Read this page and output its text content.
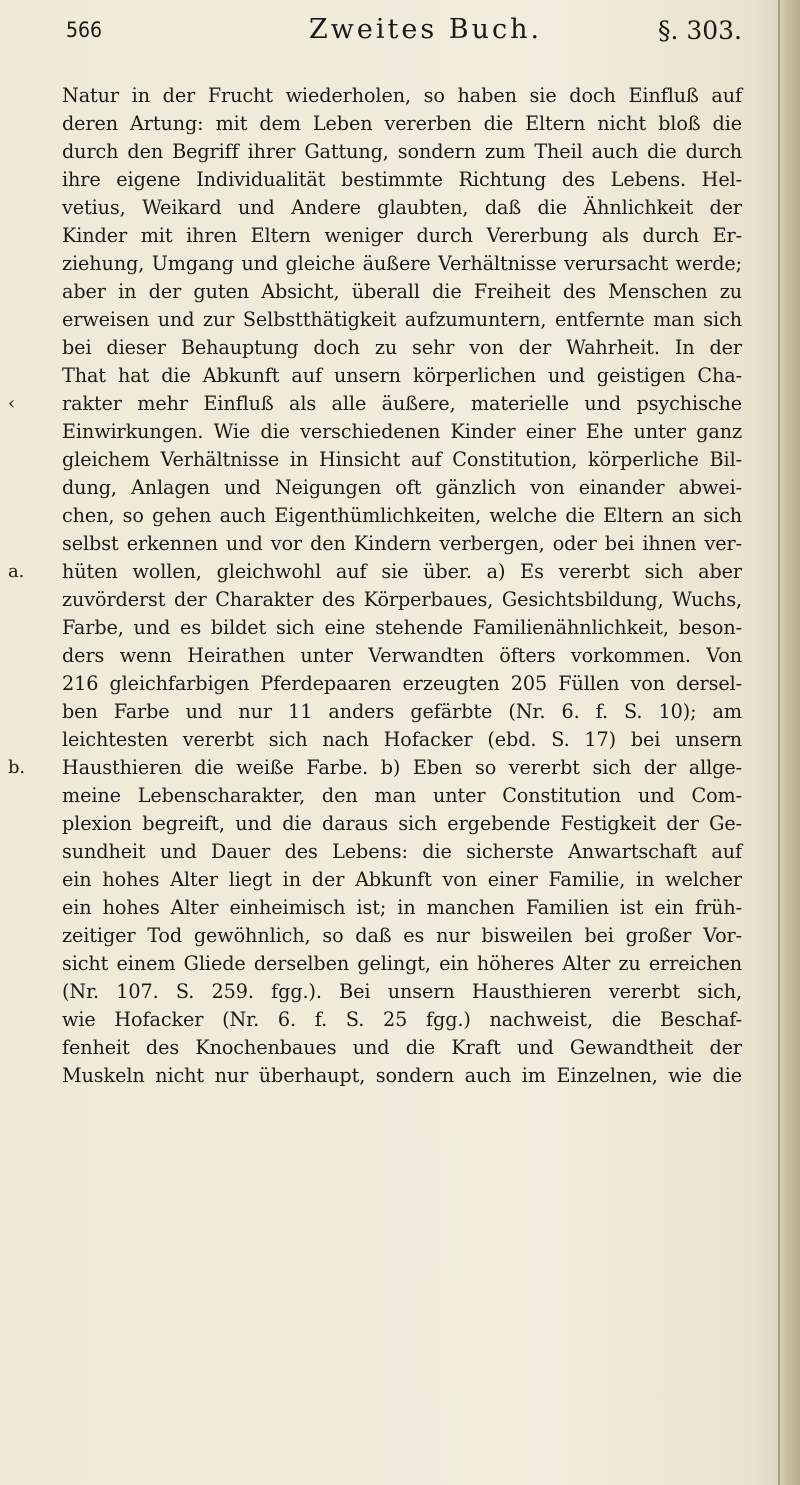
566	Zweites Buch.	§. 303.
Natur in der Frucht wiederholen, so haben sie doch Einfluß auf
deren Artung: mit dem Leben vererben die Eltern nicht bloß die
durch den Begriff ihrer Gattung, sondern zum Theil auch die durch
ihre eigene Individualität bestimmte Richtung des Lebens. Hel-
vetius, Weikard und Andere glaubten, daß die Ähnlichkeit der
Kinder mit ihren Eltern weniger durch Vererbung als durch Er-
ziehung, Umgang und gleiche äußere Verhältnisse verursacht werde;
aber in der guten Absicht, überall die Freiheit des Menschen zu
erweisen und zur Selbstthätigkeit aufzumuntern, entfernte man sich
bei dieser Behauptung doch zu sehr von der Wahrheit. In der
That hat die Abkunft auf unsern körperlichen und geistigen Cha-
‹	rakter mehr Einfluß als alle äußere, materielle und psychische
Einwirkungen. Wie die verschiedenen Kinder einer Ehe unter ganz
gleichem Verhältnisse in Hinsicht auf Constitution, körperliche Bil-
dung, Anlagen und Neigungen oft gänzlich von einander abwei-
chen, so gehen auch Eigenthümlichkeiten, welche die Eltern an sich
selbst erkennen und vor den Kindern verbergen, oder bei ihnen ver-
a. hüten wollen, gleichwohl auf sie über. a) Es vererbt sich aber
zuvörderst der Charakter des Körperbaues, Gesichtsbildung, Wuchs,
Farbe, und es bildet sich eine stehende Familienähnlichkeit, beson-
ders wenn Heirathen unter Verwandten öfters vorkommen. Von
216 gleichfarbigen Pferdepaaren erzeugten 205 Füllen von dersel-
ben Farbe und nur 11 anders gefärbte (Nr. 6. f. S. 10); am
leichtesten vererbt sich nach Hofacker (ebd. S. 17) bei unsern
b. Hausthieren die weiße Farbe. b) Eben so vererbt sich der allge-
meine Lebenscharakter, den man unter Constitution und Com-
plexion begreift, und die daraus sich ergebende Festigkeit der Ge-
sundheit und Dauer des Lebens: die sicherste Anwartschaft auf
ein hohes Alter liegt in der Abkunft von einer Familie, in welcher
ein hohes Alter einheimisch ist; in manchen Familien ist ein früh-
zeitiger Tod gewöhnlich, so daß es nur bisweilen bei großer Vor-
sicht einem Gliede derselben gelingt, ein höheres Alter zu erreichen
(Nr. 107. S. 259. fgg.). Bei unsern Hausthieren vererbt sich,
wie Hofacker (Nr. 6. f. S. 25 fgg.) nachweist, die Beschaf-
fenheit des Knochenbaues und die Kraft und Gewandtheit der
Muskeln nicht nur überhaupt, sondern auch im Einzelnen, wie die
